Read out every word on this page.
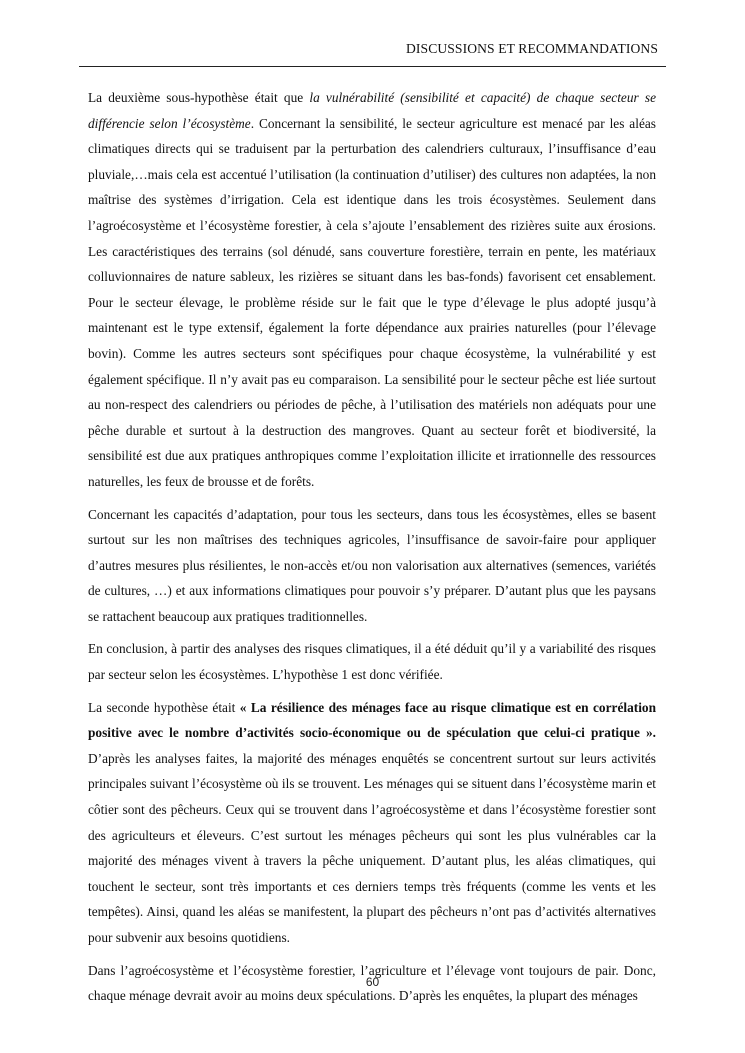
DISCUSSIONS ET RECOMMANDATIONS

La deuxième sous-hypothèse était que la vulnérabilité (sensibilité et capacité) de chaque secteur se différencie selon l’écosystème. Concernant la sensibilité, le secteur agriculture est menacé par les aléas climatiques directs qui se traduisent par la perturbation des calendriers culturaux, l’insuffisance d’eau pluviale,…mais cela est accentué l’utilisation (la continuation d’utiliser) des cultures non adaptées, la non maîtrise des systèmes d’irrigation. Cela est identique dans les trois écosystèmes. Seulement dans l’agroécosystème et l’écosystème forestier, à cela s’ajoute l’ensablement des rizières suite aux érosions. Les caractéristiques des terrains (sol dénudé, sans couverture forestière, terrain en pente, les matériaux colluvionnaires de nature sableux, les rizières se situant dans les bas-fonds) favorisent cet ensablement. Pour le secteur élevage, le problème réside sur le fait que le type d’élevage le plus adopté jusqu’à maintenant est le type extensif, également la forte dépendance aux prairies naturelles (pour l’élevage bovin). Comme les autres secteurs sont spécifiques pour chaque écosystème, la vulnérabilité y est également spécifique. Il n’y avait pas eu comparaison. La sensibilité pour le secteur pêche est liée surtout au non-respect des calendriers ou périodes de pêche, à l’utilisation des matériels non adéquats pour une pêche durable et surtout à la destruction des mangroves. Quant au secteur forêt et biodiversité, la sensibilité est due aux pratiques anthropiques comme l’exploitation illicite et irrationnelle des ressources naturelles, les feux de brousse et de forêts.

Concernant les capacités d’adaptation, pour tous les secteurs, dans tous les écosystèmes, elles se basent surtout sur les non maîtrises des techniques agricoles, l’insuffisance de savoir-faire pour appliquer d’autres mesures plus résilientes, le non-accès et/ou non valorisation aux alternatives (semences, variétés de cultures, …) et aux informations climatiques pour pouvoir s’y préparer. D’autant plus que les paysans se rattachent beaucoup aux pratiques traditionnelles.

En conclusion, à partir des analyses des risques climatiques, il a été déduit qu’il y a variabilité des risques par secteur selon les écosystèmes. L’hypothèse 1 est donc vérifiée.

La seconde hypothèse était « La résilience des ménages face au risque climatique est en corrélation positive avec le nombre d’activités socio-économique ou de spéculation que celui-ci pratique ». D’après les analyses faites, la majorité des ménages enquêtés se concentrent surtout sur leurs activités principales suivant l’écosystème où ils se trouvent. Les ménages qui se situent dans l’écosystème marin et côtier sont des pêcheurs. Ceux qui se trouvent dans l’agroécosystème et dans l’écosystème forestier sont des agriculteurs et éleveurs. C’est surtout les ménages pêcheurs qui sont les plus vulnérables car la majorité des ménages vivent à travers la pêche uniquement. D’autant plus, les aléas climatiques, qui touchent le secteur, sont très importants et ces derniers temps très fréquents (comme les vents et les tempêtes). Ainsi, quand les aléas se manifestent, la plupart des pêcheurs n’ont pas d’activités alternatives pour subvenir aux besoins quotidiens.

Dans l’agroécosystème et l’écosystème forestier, l’agriculture et l’élevage vont toujours de pair. Donc, chaque ménage devrait avoir au moins deux spéculations. D’après les enquêtes, la plupart des ménages

60
